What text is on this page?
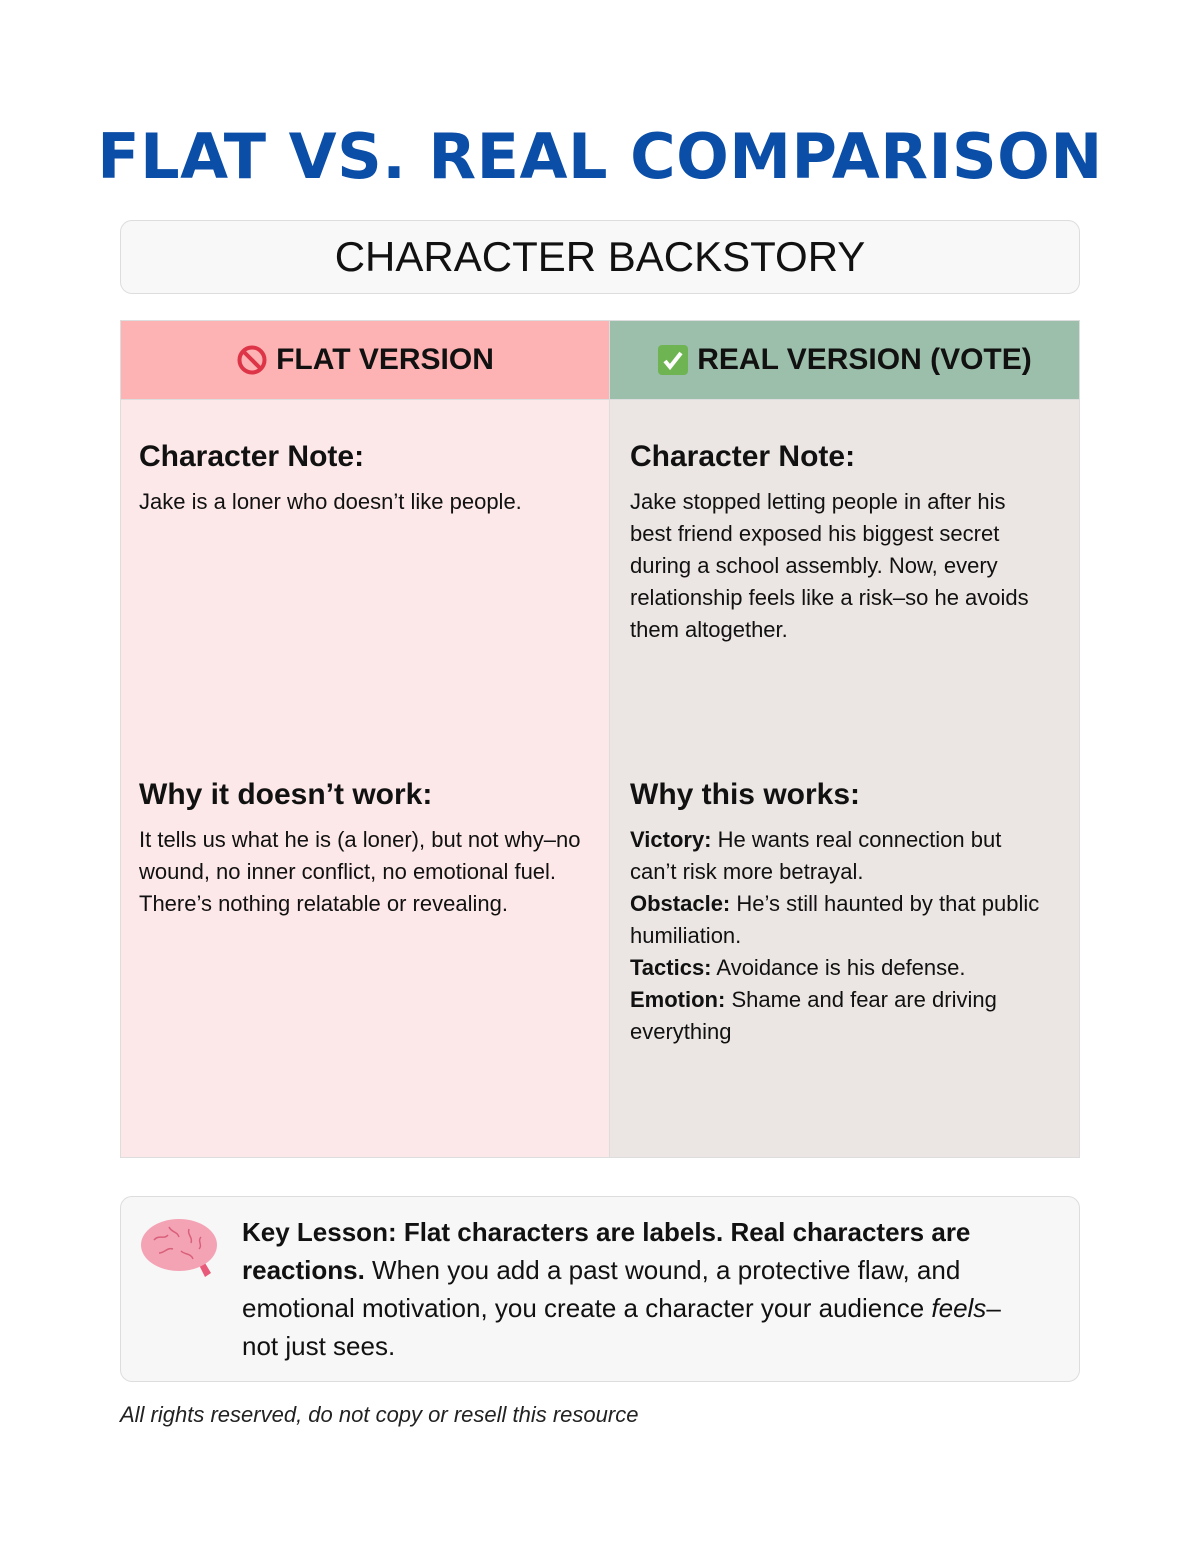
FLAT VS. REAL COMPARISON
CHARACTER BACKSTORY
FLAT VERSION

Character Note:

Jake is a loner who doesn’t like people.

Why it doesn’t work:

It tells us what he is (a loner), but not why–no wound, no inner conflict, no emotional fuel. There’s nothing relatable or revealing.

REAL VERSION (VOTE)

Character Note:

Jake stopped letting people in after his best friend exposed his biggest secret during a school assembly. Now, every relationship feels like a risk–so he avoids them altogether.

Why this works:

Victory: He wants real connection but can’t risk more betrayal.

Obstacle: He’s still haunted by that public humiliation.

Tactics: Avoidance is his defense.

Emotion: Shame and fear are driving everything

Key Lesson: Flat characters are labels. Real characters are reactions. When you add a past wound, a protective flaw, and emotional motivation, you create a character your audience feels– not just sees.
All rights reserved, do not copy or resell this resource
